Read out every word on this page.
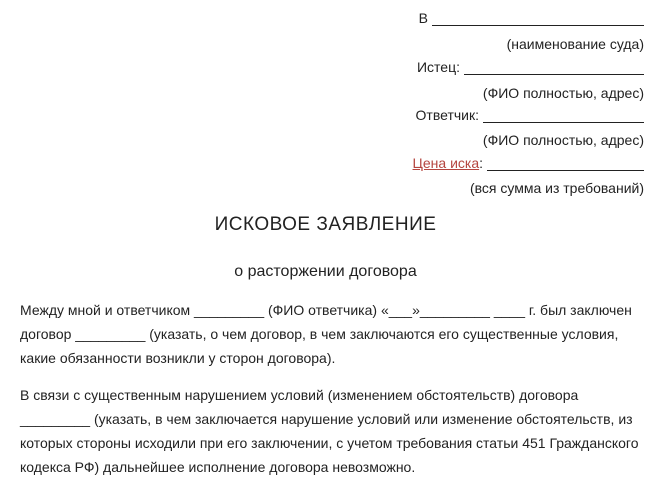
В
(наименование суда)
Истец:
(ФИО полностью, адрес)
Ответчик:
(ФИО полностью, адрес)
Цена иска :
(вся сумма из требований)
ИСКОВОЕ ЗАЯВЛЕНИЕ
о расторжении договора
Между мной и ответчиком _________ (ФИО ответчика) «___»_________ ____ г. был заключен
договор _________ (указать, о чем договор, в чем заключаются его существенные условия,
какие обязанности возникли у сторон договора).
В связи с существенным нарушением условий (изменением обстоятельств) договора
_________ (указать, в чем заключается нарушение условий или изменение обстоятельств, из
которых стороны исходили при его заключении, с учетом требования статьи 451 Гражданского
кодекса РФ) дальнейшее исполнение договора невозможно.
